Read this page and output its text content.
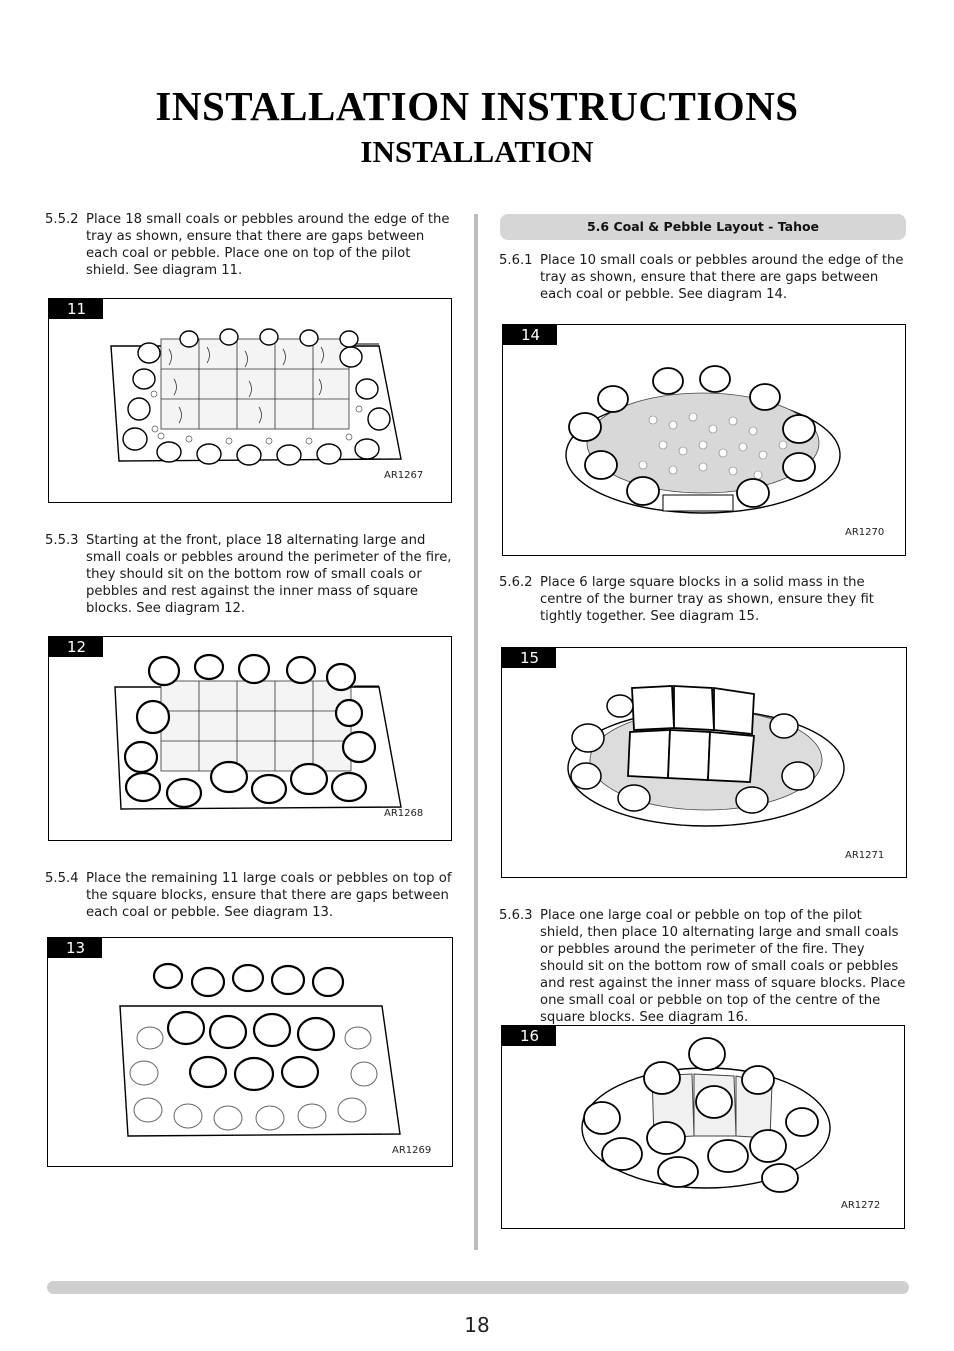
INSTALLATION INSTRUCTIONS
INSTALLATION
5.5.2 Place 18 small coals or pebbles around the edge of the tray as shown, ensure that there are gaps between each coal or pebble. Place one on top of the pilot shield. See diagram 11.
11
AR1267
5.5.3 Starting at the front, place 18 alternating large and small coals or pebbles around the perimeter of the fire, they should sit on the bottom row of small coals or pebbles and rest against the inner mass of square blocks. See diagram 12.
12
AR1268
5.5.4 Place the remaining 11 large coals or pebbles on top of the square blocks, ensure that there are gaps between each coal or pebble. See diagram 13.
13
AR1269
5.6 Coal & Pebble Layout - Tahoe
5.6.1 Place 10 small coals or pebbles around the edge of the tray as shown, ensure that there are gaps between each coal or pebble. See diagram 14.
14
AR1270
5.6.2 Place 6 large square blocks in a solid mass in the centre of the burner tray as shown, ensure they fit tightly together. See diagram 15.
15
AR1271
5.6.3 Place one large coal or pebble on top of the pilot shield, then place 10 alternating large and small coals or pebbles around the perimeter of the fire. They should sit on the bottom row of small coals or pebbles and rest against the inner mass of square blocks. Place one small coal or pebble on top of the centre of the square blocks. See diagram 16.
16
AR1272
18
